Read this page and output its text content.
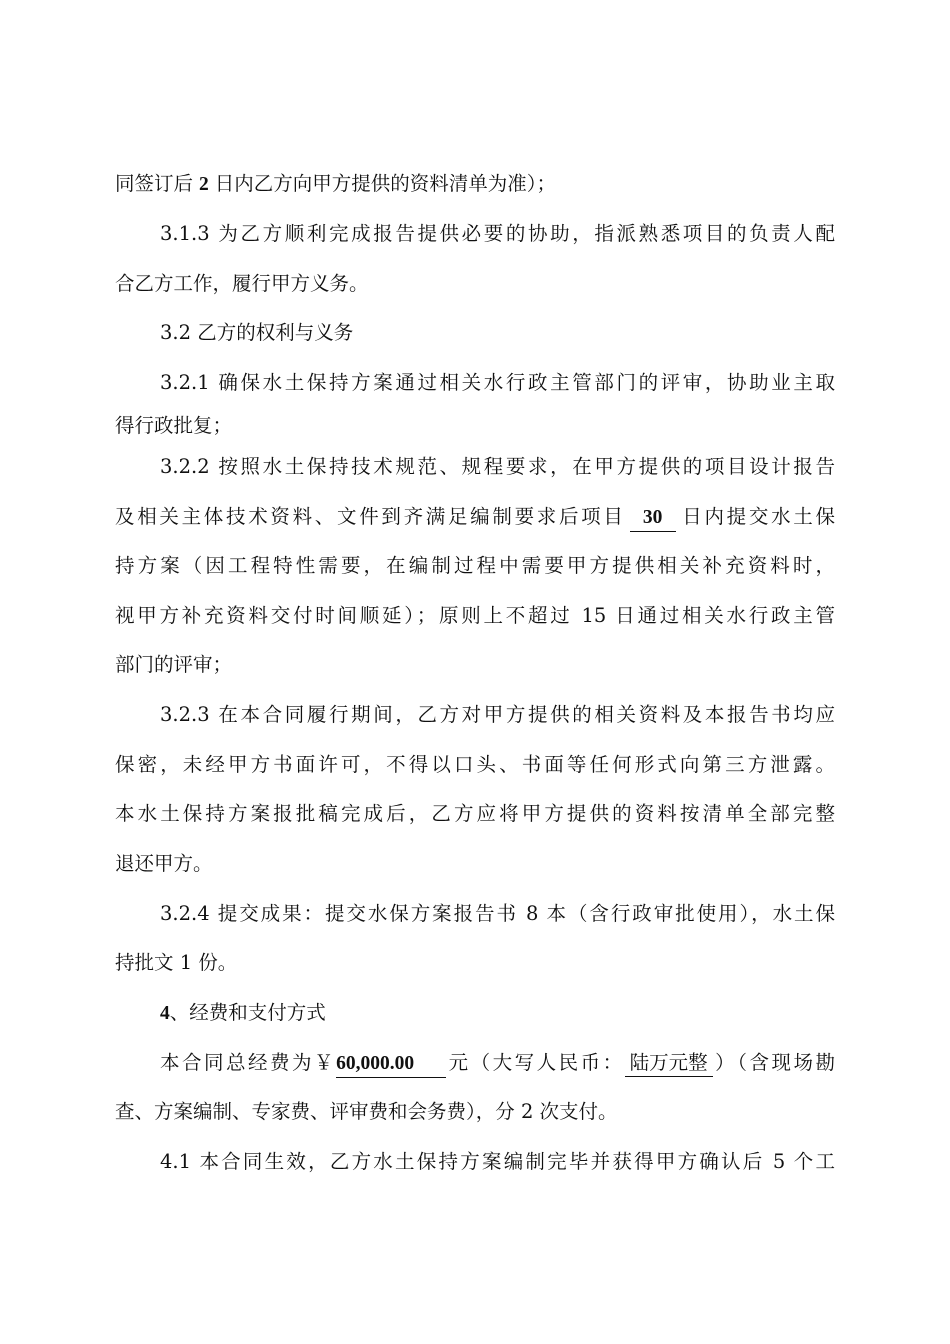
同签订后 2 日内乙方向甲方提供的资料清单为准）；
3.1.3 为乙方顺利完成报告提供必要的协助，指派熟悉项目的负责人配
合乙方工作，履行甲方义务。
3.2 乙方的权利与义务
3.2.1 确保水土保持方案通过相关水行政主管部门的评审，协助业主取
得行政批复；
3.2.2 按照水土保持技术规范、规程要求，在甲方提供的项目设计报告
及相关主体技术资料、文件到齐满足编制要求后项目 30 日内提交水土保
持方案（因工程特性需要，在编制过程中需要甲方提供相关补充资料时，
视甲方补充资料交付时间顺延）；原则上不超过 15 日通过相关水行政主管
部门的评审；
3.2.3 在本合同履行期间，乙方对甲方提供的相关资料及本报告书均应
保密，未经甲方书面许可，不得以口头、书面等任何形式向第三方泄露。
本水土保持方案报批稿完成后，乙方应将甲方提供的资料按清单全部完整
退还甲方。
3.2.4 提交成果：提交水保方案报告书 8 本（含行政审批使用），水土保
持批文 1 份。
4、经费和支付方式
本合同总经费为￥60,000.00 元（大写人民币： 陆万元整 ）（含现场勘
查、方案编制、专家费、评审费和会务费），分 2 次支付。
4.1 本合同生效，乙方水土保持方案编制完毕并获得甲方确认后 5 个工
